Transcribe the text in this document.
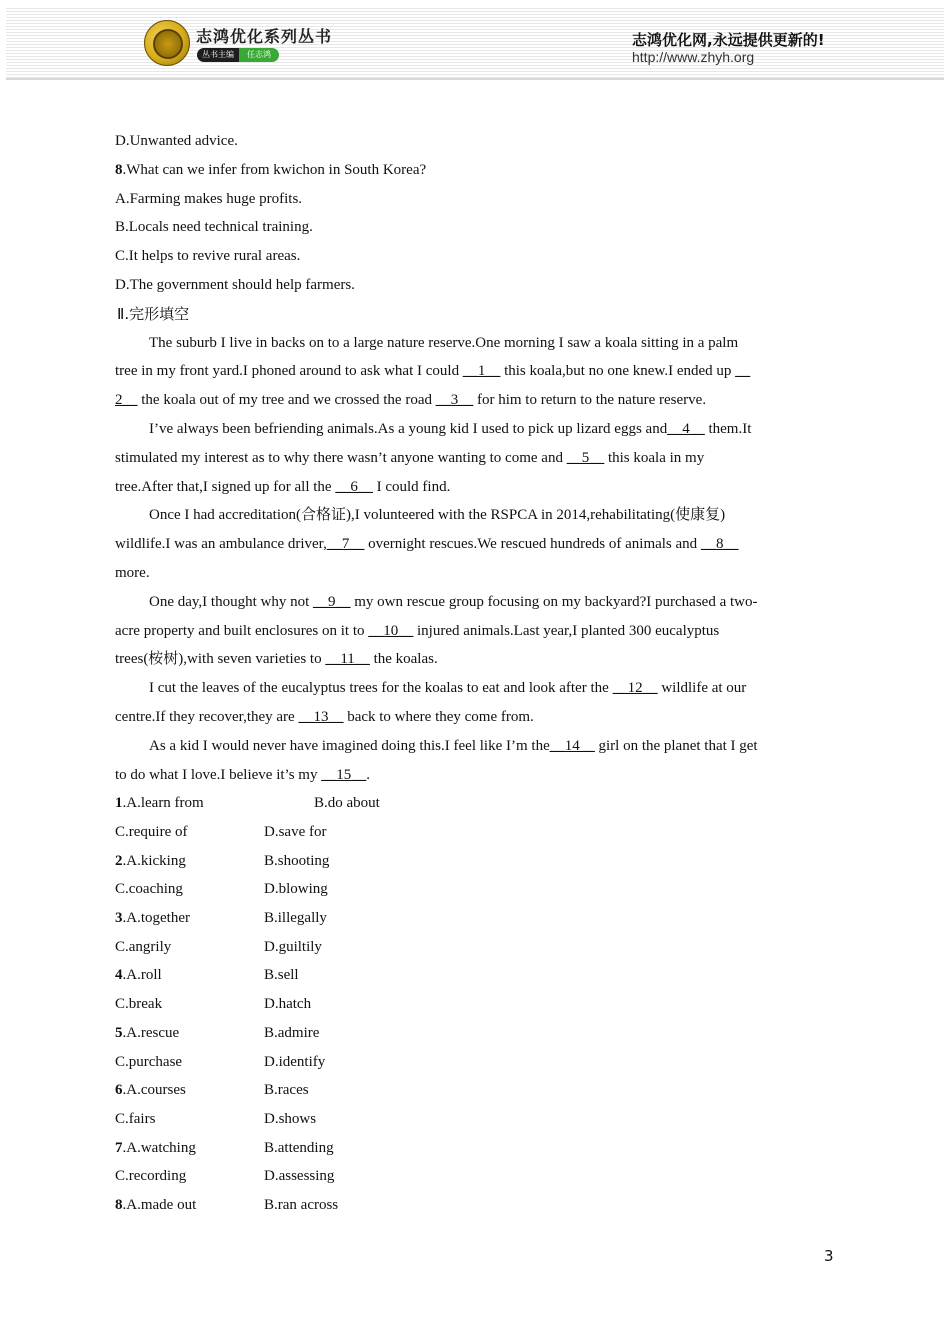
志鸿优化系列丛书
丛书主编	任志鸿
志鸿优化网,永远提供更新的!
http://www.zhyh.org
D.Unwanted advice.
8.What can we infer from kwichon in South Korea?
A.Farming makes huge profits.
B.Locals need technical training.
C.It helps to revive rural areas.
D.The government should help farmers.
Ⅱ.完形填空
The suburb I live in backs on to a large nature reserve.One morning I saw a koala sitting in a palm
tree in my front yard.I phoned around to ask what I could __1__ this koala,but no one knew.I ended up __
2__ the koala out of my tree and we crossed the road __3__ for him to return to the nature reserve.
I’ve always been befriending animals.As a young kid I used to pick up lizard eggs and__4__ them.It
stimulated my interest as to why there wasn’t anyone wanting to come and __5__ this koala in my
tree.After that,I signed up for all the __6__ I could find.
Once I had accreditation(合格证),I volunteered with the RSPCA in 2014,rehabilitating(使康复)
wildlife.I was an ambulance driver,__7__ overnight rescues.We rescued hundreds of animals and __8__
more.
One day,I thought why not __9__ my own rescue group focusing on my backyard?I purchased a two-
acre property and built enclosures on it to __10__ injured animals.Last year,I planted 300 eucalyptus
trees(桉树),with seven varieties to __11__ the koalas.
I cut the leaves of the eucalyptus trees for the koalas to eat and look after the __12__ wildlife at our
centre.If they recover,they are __13__ back to where they come from.
As a kid I would never have imagined doing this.I feel like I’m the__14__ girl on the planet that I get
to do what I love.I believe it’s my __15__.
1.A.learn from	B.do about
C.require of	D.save for
2.A.kicking	B.shooting
C.coaching	D.blowing
3.A.together	B.illegally
C.angrily	D.guiltily
4.A.roll	B.sell
C.break	D.hatch
5.A.rescue	B.admire
C.purchase	D.identify
6.A.courses	B.races
C.fairs	D.shows
7.A.watching	B.attending
C.recording	D.assessing
8.A.made out	B.ran across
3
